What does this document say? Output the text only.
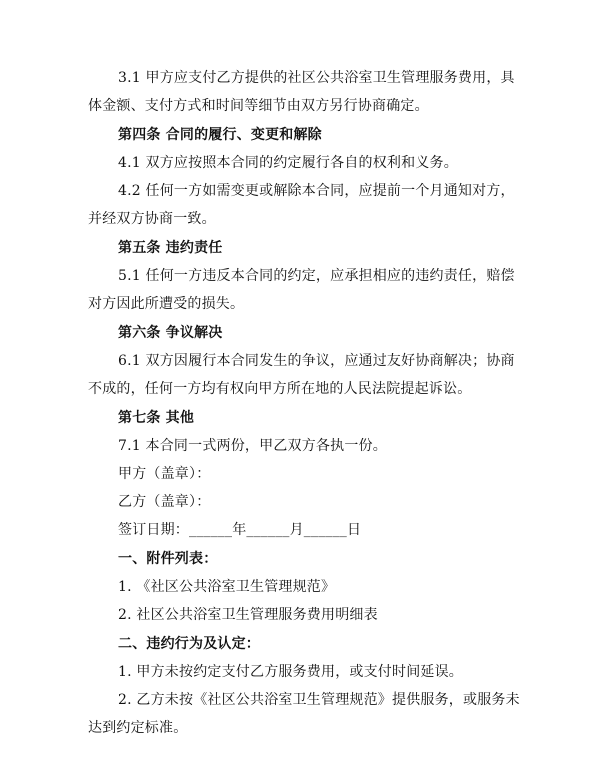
3.1 甲方应支付乙方提供的社区公共浴室卫生管理服务费用，具
体金额、支付方式和时间等细节由双方另行协商确定。
第四条 合同的履行、变更和解除
4.1 双方应按照本合同的约定履行各自的权利和义务。
4.2 任何一方如需变更或解除本合同，应提前一个月通知对方，
并经双方协商一致。
第五条 违约责任
5.1 任何一方违反本合同的约定，应承担相应的违约责任，赔偿
对方因此所遭受的损失。
第六条 争议解决
6.1 双方因履行本合同发生的争议，应通过友好协商解决；协商
不成的，任何一方均有权向甲方所在地的人民法院提起诉讼。
第七条 其他
7.1 本合同一式两份，甲乙双方各执一份。
甲方（盖章）：
乙方（盖章）：
签订日期：______年______月______日
一、附件列表：
1. 《社区公共浴室卫生管理规范》
2. 社区公共浴室卫生管理服务费用明细表
二、违约行为及认定：
1. 甲方未按约定支付乙方服务费用，或支付时间延误。
2. 乙方未按《社区公共浴室卫生管理规范》提供服务，或服务未
达到约定标准。
